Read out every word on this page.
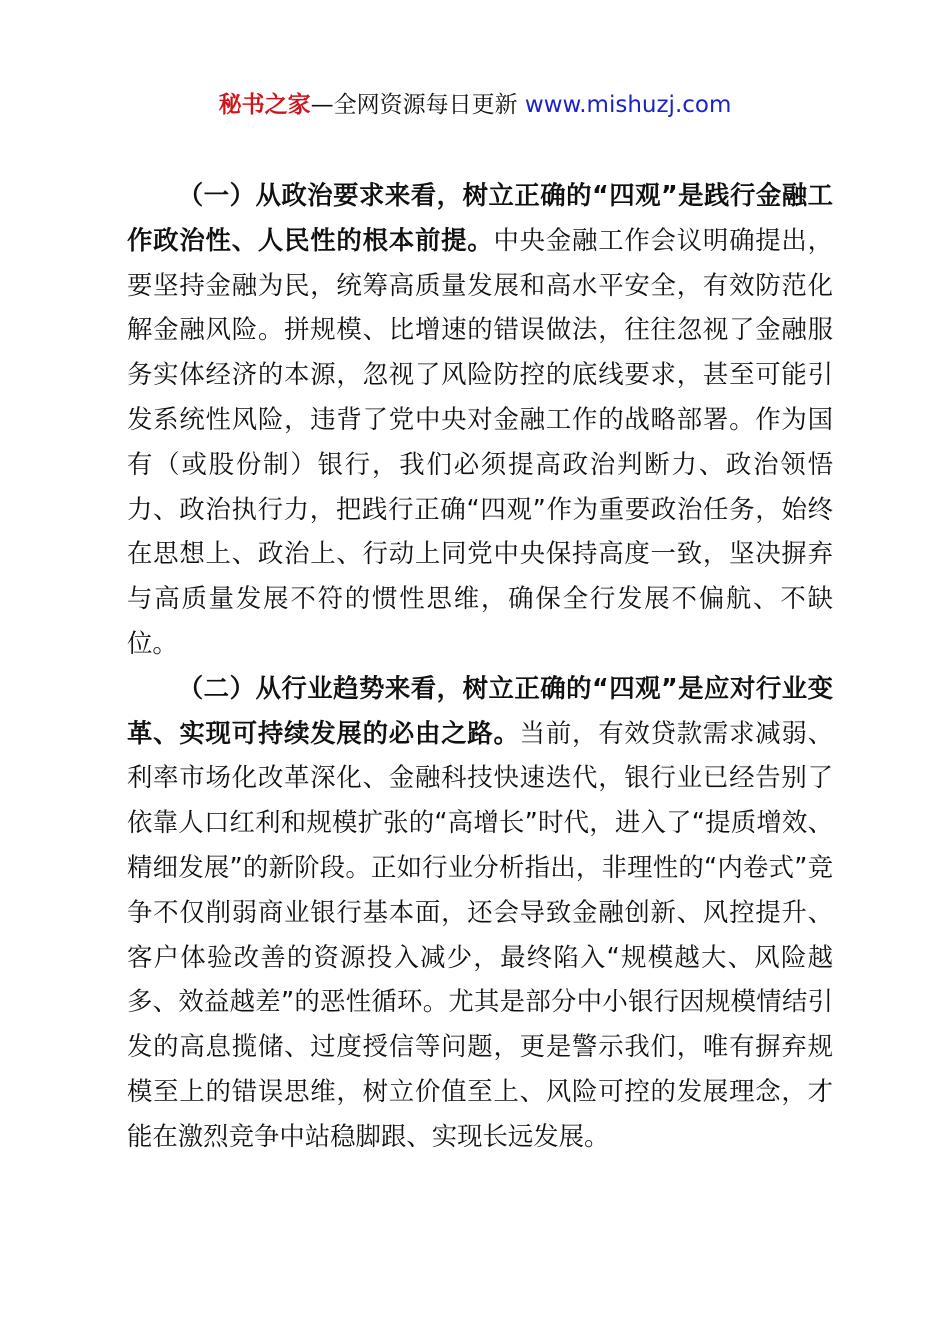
秘书之家—全网资源每日更新 www.mishuzj.com

（一）从政治要求来看，树立正确的“四观”是践行金融工作政治性、人民性的根本前提。中央金融工作会议明确提出，要坚持金融为民，统筹高质量发展和高水平安全，有效防范化解金融风险。拼规模、比增速的错误做法，往往忽视了金融服务实体经济的本源，忽视了风险防控的底线要求，甚至可能引发系统性风险，违背了党中央对金融工作的战略部署。作为国有（或股份制）银行，我们必须提高政治判断力、政治领悟力、政治执行力，把践行正确“四观”作为重要政治任务，始终在思想上、政治上、行动上同党中央保持高度一致，坚决摒弃与高质量发展不符的惯性思维，确保全行发展不偏航、不缺位。

（二）从行业趋势来看，树立正确的“四观”是应对行业变革、实现可持续发展的必由之路。当前，有效贷款需求减弱、利率市场化改革深化、金融科技快速迭代，银行业已经告别了依靠人口红利和规模扩张的“高增长”时代，进入了“提质增效、精细发展”的新阶段。正如行业分析指出，非理性的“内卷式”竞争不仅削弱商业银行基本面，还会导致金融创新、风控提升、客户体验改善的资源投入减少，最终陷入“规模越大、风险越多、效益越差”的恶性循环。尤其是部分中小银行因规模情结引发的高息揽储、过度授信等问题，更是警示我们，唯有摒弃规模至上的错误思维，树立价值至上、风险可控的发展理念，才能在激烈竞争中站稳脚跟、实现长远发展。
